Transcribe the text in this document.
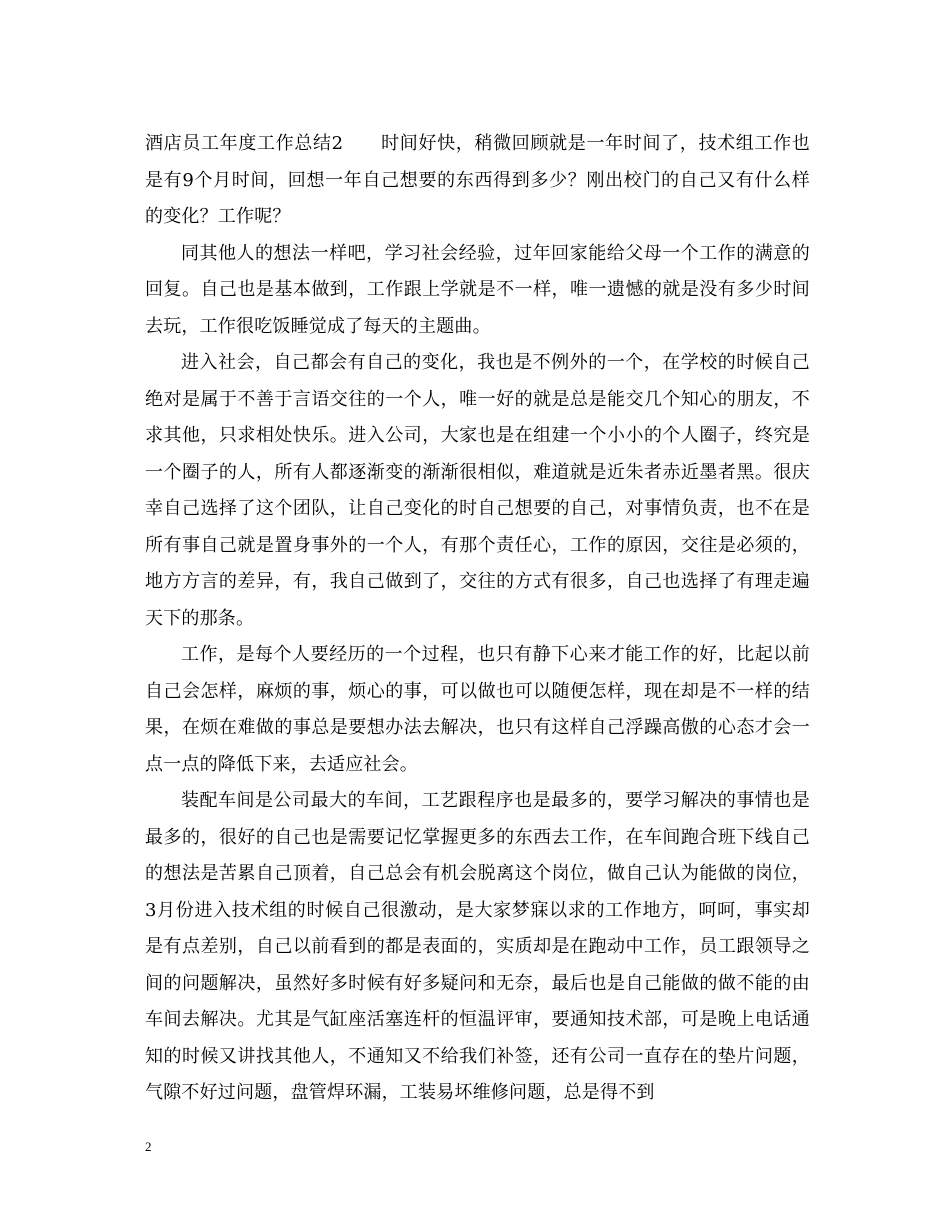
酒店员工年度工作总结2　　时间好快，稍微回顾就是一年时间了，技术组工作也是有9个月时间，回想一年自己想要的东西得到多少？刚出校门的自己又有什么样的变化？工作呢？

同其他人的想法一样吧，学习社会经验，过年回家能给父母一个工作的满意的回复。自己也是基本做到，工作跟上学就是不一样，唯一遗憾的就是没有多少时间去玩，工作很吃饭睡觉成了每天的主题曲。

进入社会，自己都会有自己的变化，我也是不例外的一个，在学校的时候自己绝对是属于不善于言语交往的一个人，唯一好的就是总是能交几个知心的朋友，不求其他，只求相处快乐。进入公司，大家也是在组建一个小小的个人圈子，终究是一个圈子的人，所有人都逐渐变的渐渐很相似，难道就是近朱者赤近墨者黑。很庆幸自己选择了这个团队，让自己变化的时自己想要的自己，对事情负责，也不在是所有事自己就是置身事外的一个人，有那个责任心，工作的原因，交往是必须的，地方方言的差异，有，我自己做到了，交往的方式有很多，自己也选择了有理走遍天下的那条。

工作，是每个人要经历的一个过程，也只有静下心来才能工作的好，比起以前自己会怎样，麻烦的事，烦心的事，可以做也可以随便怎样，现在却是不一样的结果，在烦在难做的事总是要想办法去解决，也只有这样自己浮躁高傲的心态才会一点一点的降低下来，去适应社会。

装配车间是公司最大的车间，工艺跟程序也是最多的，要学习解决的事情也是最多的，很好的自己也是需要记忆掌握更多的东西去工作，在车间跑合班下线自己的想法是苦累自己顶着，自己总会有机会脱离这个岗位，做自己认为能做的岗位，3月份进入技术组的时候自己很激动，是大家梦寐以求的工作地方，呵呵，事实却是有点差别，自己以前看到的都是表面的，实质却是在跑动中工作，员工跟领导之间的问题解决，虽然好多时候有好多疑问和无奈，最后也是自己能做的做不能的由车间去解决。尤其是气缸座活塞连杆的恒温评审，要通知技术部，可是晚上电话通知的时候又讲找其他人，不通知又不给我们补签，还有公司一直存在的垫片问题，气隙不好过问题，盘管焊环漏，工装易坏维修问题，总是得不到

2
